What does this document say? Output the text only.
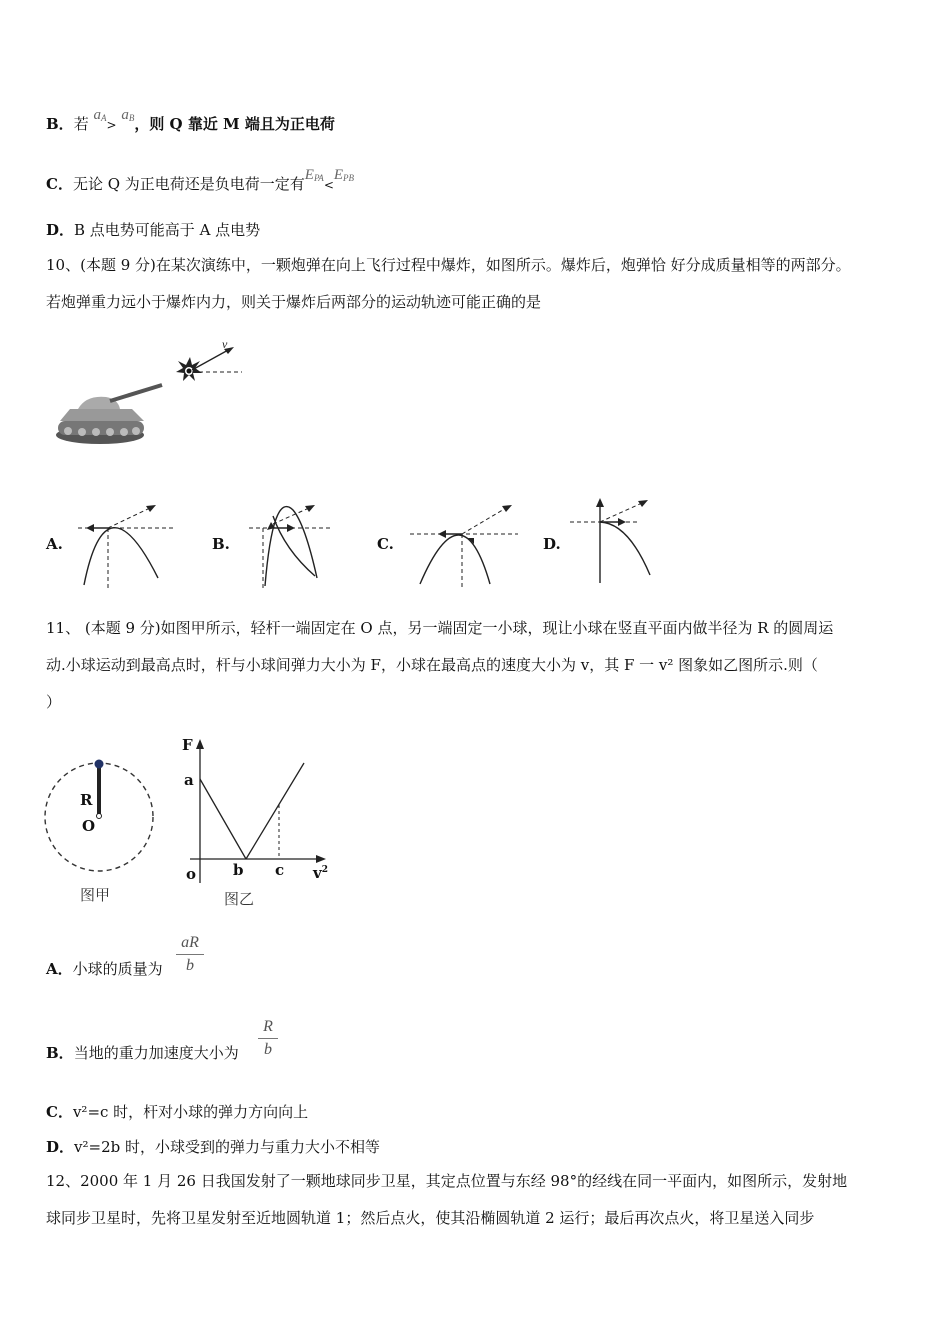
B．若 $a_A> a_B$，则 Q 靠近 M 端且为正电荷
C．无论 Q 为正电荷还是负电荷一定有$E_{PA}<E_{PB}$
D．B 点电势可能高于 A 点电势
10、(本题 9 分)在某次演练中，一颗炮弹在向上飞行过程中爆炸，如图所示。爆炸后，炮弹恰 好分成质量相等的两部分。
若炮弹重力远小于爆炸内力，则关于爆炸后两部分的运动轨迹可能正确的是
v
A.	B.	C.	D.
11、 (本题 9 分)如图甲所示，轻杆一端固定在 O 点，另一端固定一小球，现让小球在竖直平面内做半径为 R 的圆周运
动.小球运动到最高点时，杆与小球间弹力大小为 F，小球在最高点的速度大小为 v，其 F 一 v² 图象如乙图所示.则（
）
R
O
图甲
F
a
o b c $v^2$
图乙
A．小球的质量为
aR
b
B．当地的重力加速度大小为
R
b
C．v²=c 时，杆对小球的弹力方向向上
D．v²=2b 时，小球受到的弹力与重力大小不相等
12、2000 年 1 月 26 日我国发射了一颗地球同步卫星，其定点位置与东经 98°的经线在同一平面内，如图所示，发射地
球同步卫星时，先将卫星发射至近地圆轨道 1；然后点火，使其沿椭圆轨道 2 运行；最后再次点火，将卫星送入同步
